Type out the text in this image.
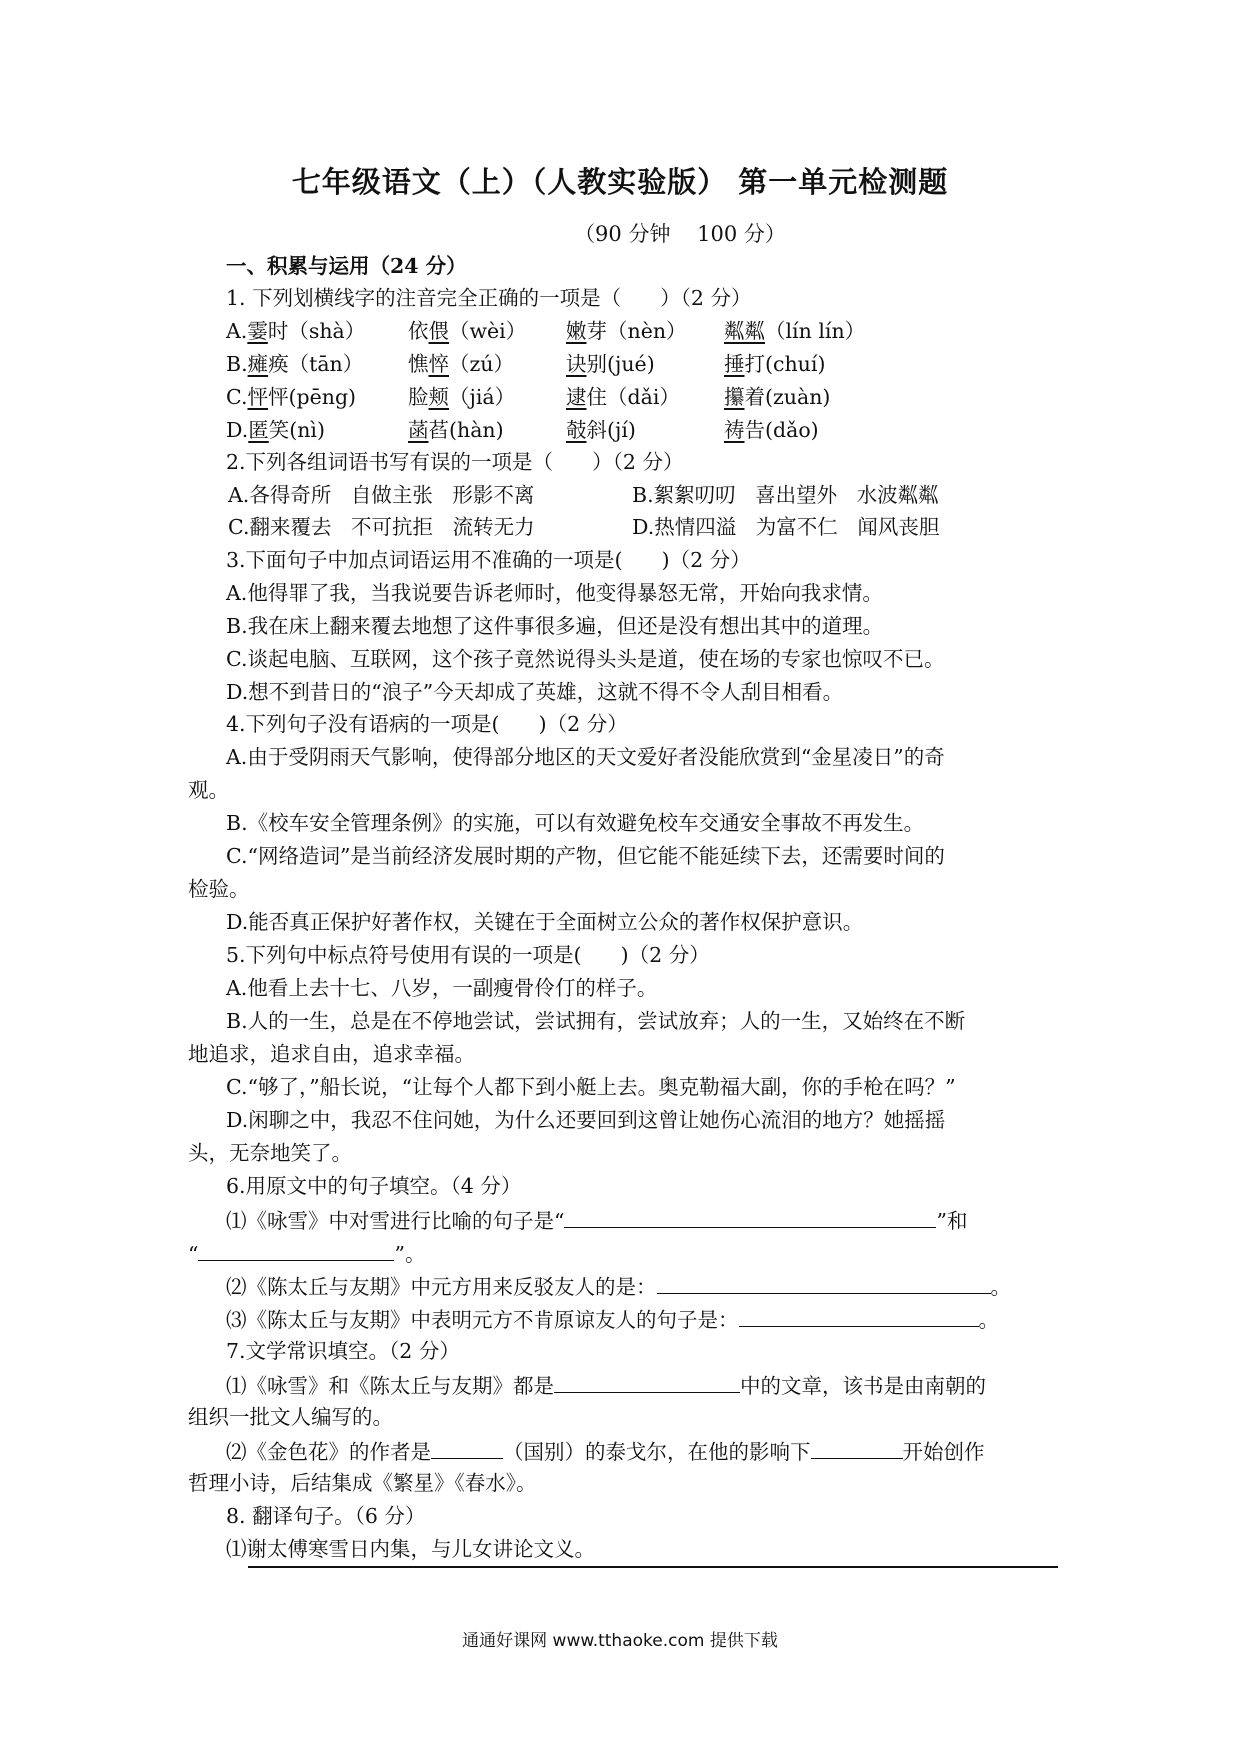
七年级语文（上）（人教实验版） 第一单元检测题
（90 分钟    100 分）
一、积累与运用（24 分）
1. 下列划横线字的注音完全正确的一项是（      ）（2 分）
A.霎时（shà） 依偎（wèi） 嫩芽（nèn） 粼粼（lín lín）
B.瘫痪（tān） 憔悴（zú）	诀别(jué)	捶打(chuí)
C.怦怦(pēng)	脸颊（jiá） 逮住（dǎi） 攥着(zuàn)
D.匿笑(nì)	菡萏(hàn)	攲斜(jí)	祷告(dǎo)
2.下列各组词语书写有误的一项是（      ）（2 分）
A.各得奇所   自做主张   形影不离	B.絮絮叨叨   喜出望外   水波粼粼
C.翻来覆去   不可抗拒   流转无力	D.热情四溢   为富不仁   闻风丧胆
3.下面句子中加点词语运用不准确的一项是(      )（2 分）
A.他得罪了我，当我说要告诉老师时，他变得暴怒无常，开始向我求情。
B.我在床上翻来覆去地想了这件事很多遍，但还是没有想出其中的道理。
C.谈起电脑、互联网，这个孩子竟然说得头头是道，使在场的专家也惊叹不已。
D.想不到昔日的“浪子”今天却成了英雄，这就不得不令人刮目相看。
4.下列句子没有语病的一项是(      )（2 分）
A.由于受阴雨天气影响，使得部分地区的天文爱好者没能欣赏到“金星凌日”的奇
观。
B.《校车安全管理条例》的实施，可以有效避免校车交通安全事故不再发生。
C.“网络造词”是当前经济发展时期的产物，但它能不能延续下去，还需要时间的
检验。
D.能否真正保护好著作权，关键在于全面树立公众的著作权保护意识。
5.下列句中标点符号使用有误的一项是(      )（2 分）
A.他看上去十七、八岁，一副瘦骨伶仃的样子。
B.人的一生，总是在不停地尝试，尝试拥有，尝试放弃；人的一生，又始终在不断
地追求，追求自由，追求幸福。
C.“够了，”船长说，“让每个人都下到小艇上去。奥克勒福大副，你的手枪在吗？”
D.闲聊之中，我忍不住问她，为什么还要回到这曾让她伤心流泪的地方？她摇摇
头，无奈地笑了。
6.用原文中的句子填空。（4 分）
⑴《咏雪》中对雪进行比喻的句子是“	”和
“	”。
⑵《陈太丘与友期》中元方用来反驳友人的是：	。
⑶《陈太丘与友期》中表明元方不肯原谅友人的句子是：	。
7.文学常识填空。（2 分）
⑴《咏雪》和《陈太丘与友期》都是	中的文章，该书是由南朝的
组织一批文人编写的。
⑵《金色花》的作者是	（国别）的泰戈尔，在他的影响下	开始创作
哲理小诗，后结集成《繁星》《春水》。
8. 翻译句子。（6 分）
⑴谢太傅寒雪日内集，与儿女讲论文义。
通通好课网 www.tthaoke.com 提供下载
